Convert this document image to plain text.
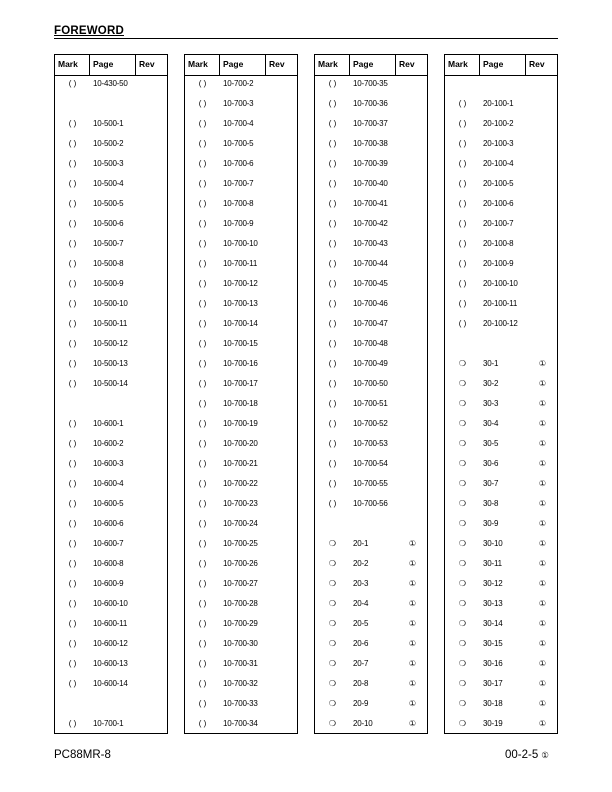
FOREWORD
Mark	Page	Rev
( )	10-430-50
( )	10-500-1
( )	10-500-2
( )	10-500-3
( )	10-500-4
( )	10-500-5
( )	10-500-6
( )	10-500-7
( )	10-500-8
( )	10-500-9
( )	10-500-10
( )	10-500-11
( )	10-500-12
( )	10-500-13
( )	10-500-14
( )	10-600-1
( )	10-600-2
( )	10-600-3
( )	10-600-4
( )	10-600-5
( )	10-600-6
( )	10-600-7
( )	10-600-8
( )	10-600-9
( )	10-600-10
( )	10-600-11
( )	10-600-12
( )	10-600-13
( )	10-600-14
( )	10-700-1
Mark	Page	Rev
( )	10-700-2
( )	10-700-3
( )	10-700-4
( )	10-700-5
( )	10-700-6
( )	10-700-7
( )	10-700-8
( )	10-700-9
( )	10-700-10
( )	10-700-11
( )	10-700-12
( )	10-700-13
( )	10-700-14
( )	10-700-15
( )	10-700-16
( )	10-700-17
( )	10-700-18
( )	10-700-19
( )	10-700-20
( )	10-700-21
( )	10-700-22
( )	10-700-23
( )	10-700-24
( )	10-700-25
( )	10-700-26
( )	10-700-27
( )	10-700-28
( )	10-700-29
( )	10-700-30
( )	10-700-31
( )	10-700-32
( )	10-700-33
( )	10-700-34
Mark	Page	Rev
( )	10-700-35
( )	10-700-36
( )	10-700-37
( )	10-700-38
( )	10-700-39
( )	10-700-40
( )	10-700-41
( )	10-700-42
( )	10-700-43
( )	10-700-44
( )	10-700-45
( )	10-700-46
( )	10-700-47
( )	10-700-48
( )	10-700-49
( )	10-700-50
( )	10-700-51
( )	10-700-52
( )	10-700-53
( )	10-700-54
( )	10-700-55
( )	10-700-56
❍	20-1	①
❍	20-2	①
❍	20-3	①
❍	20-4	①
❍	20-5	①
❍	20-6	①
❍	20-7	①
❍	20-8	①
❍	20-9	①
❍	20-10	①
Mark	Page	Rev
( )	20-100-1
( )	20-100-2
( )	20-100-3
( )	20-100-4
( )	20-100-5
( )	20-100-6
( )	20-100-7
( )	20-100-8
( )	20-100-9
( )	20-100-10
( )	20-100-11
( )	20-100-12
❍	30-1	①
❍	30-2	①
❍	30-3	①
❍	30-4	①
❍	30-5	①
❍	30-6	①
❍	30-7	①
❍	30-8	①
❍	30-9	①
❍	30-10	①
❍	30-11	①
❍	30-12	①
❍	30-13	①
❍	30-14	①
❍	30-15	①
❍	30-16	①
❍	30-17	①
❍	30-18	①
❍	30-19	①
PC88MR-8	00-2-5 ①
